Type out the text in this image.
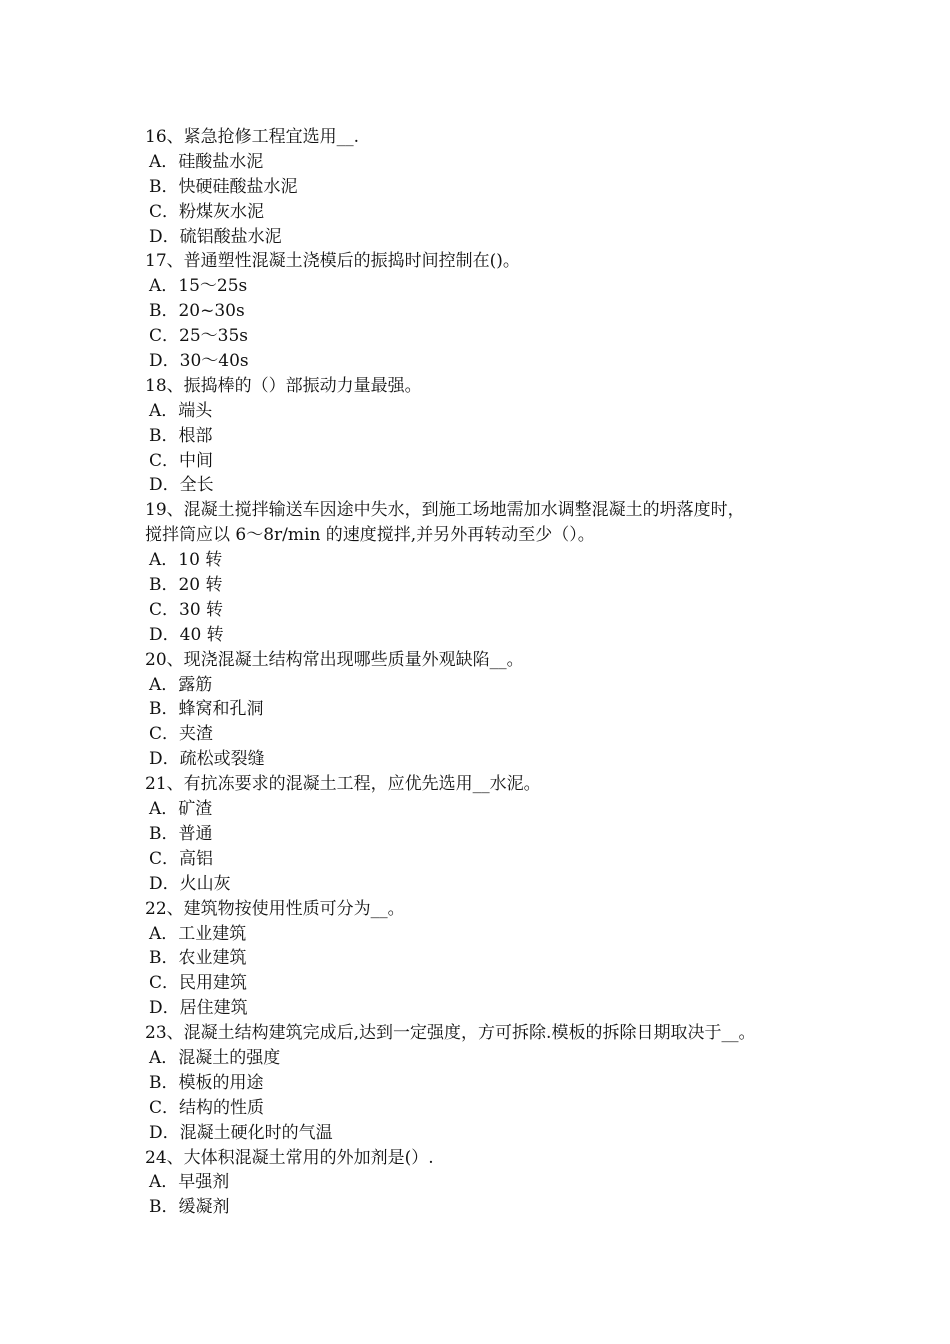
16、紧急抢修工程宜选用__.
A．硅酸盐水泥
B．快硬硅酸盐水泥
C．粉煤灰水泥
D．硫铝酸盐水泥
17、普通塑性混凝土浇模后的振捣时间控制在()。
A．15～25s
B．20~30s
C．25～35s
D．30～40s
18、振捣棒的（）部振动力量最强。
A．端头
B．根部
C．中间
D．全长
19、混凝土搅拌输送车因途中失水，到施工场地需加水调整混凝土的坍落度时，
搅拌筒应以 6～8r/min 的速度搅拌,并另外再转动至少（）。
A．10 转
B．20 转
C．30 转
D．40 转
20、现浇混凝土结构常出现哪些质量外观缺陷__。
A．露筋
B．蜂窝和孔洞
C．夹渣
D．疏松或裂缝
21、有抗冻要求的混凝土工程，应优先选用__水泥。
A．矿渣
B．普通
C．高铝
D．火山灰
22、建筑物按使用性质可分为__。
A．工业建筑
B．农业建筑
C．民用建筑
D．居住建筑
23、混凝土结构建筑完成后,达到一定强度，方可拆除.模板的拆除日期取决于__。
A．混凝土的强度
B．模板的用途
C．结构的性质
D．混凝土硬化时的气温
24、大体积混凝土常用的外加剂是(）.
A．早强剂
B．缓凝剂
